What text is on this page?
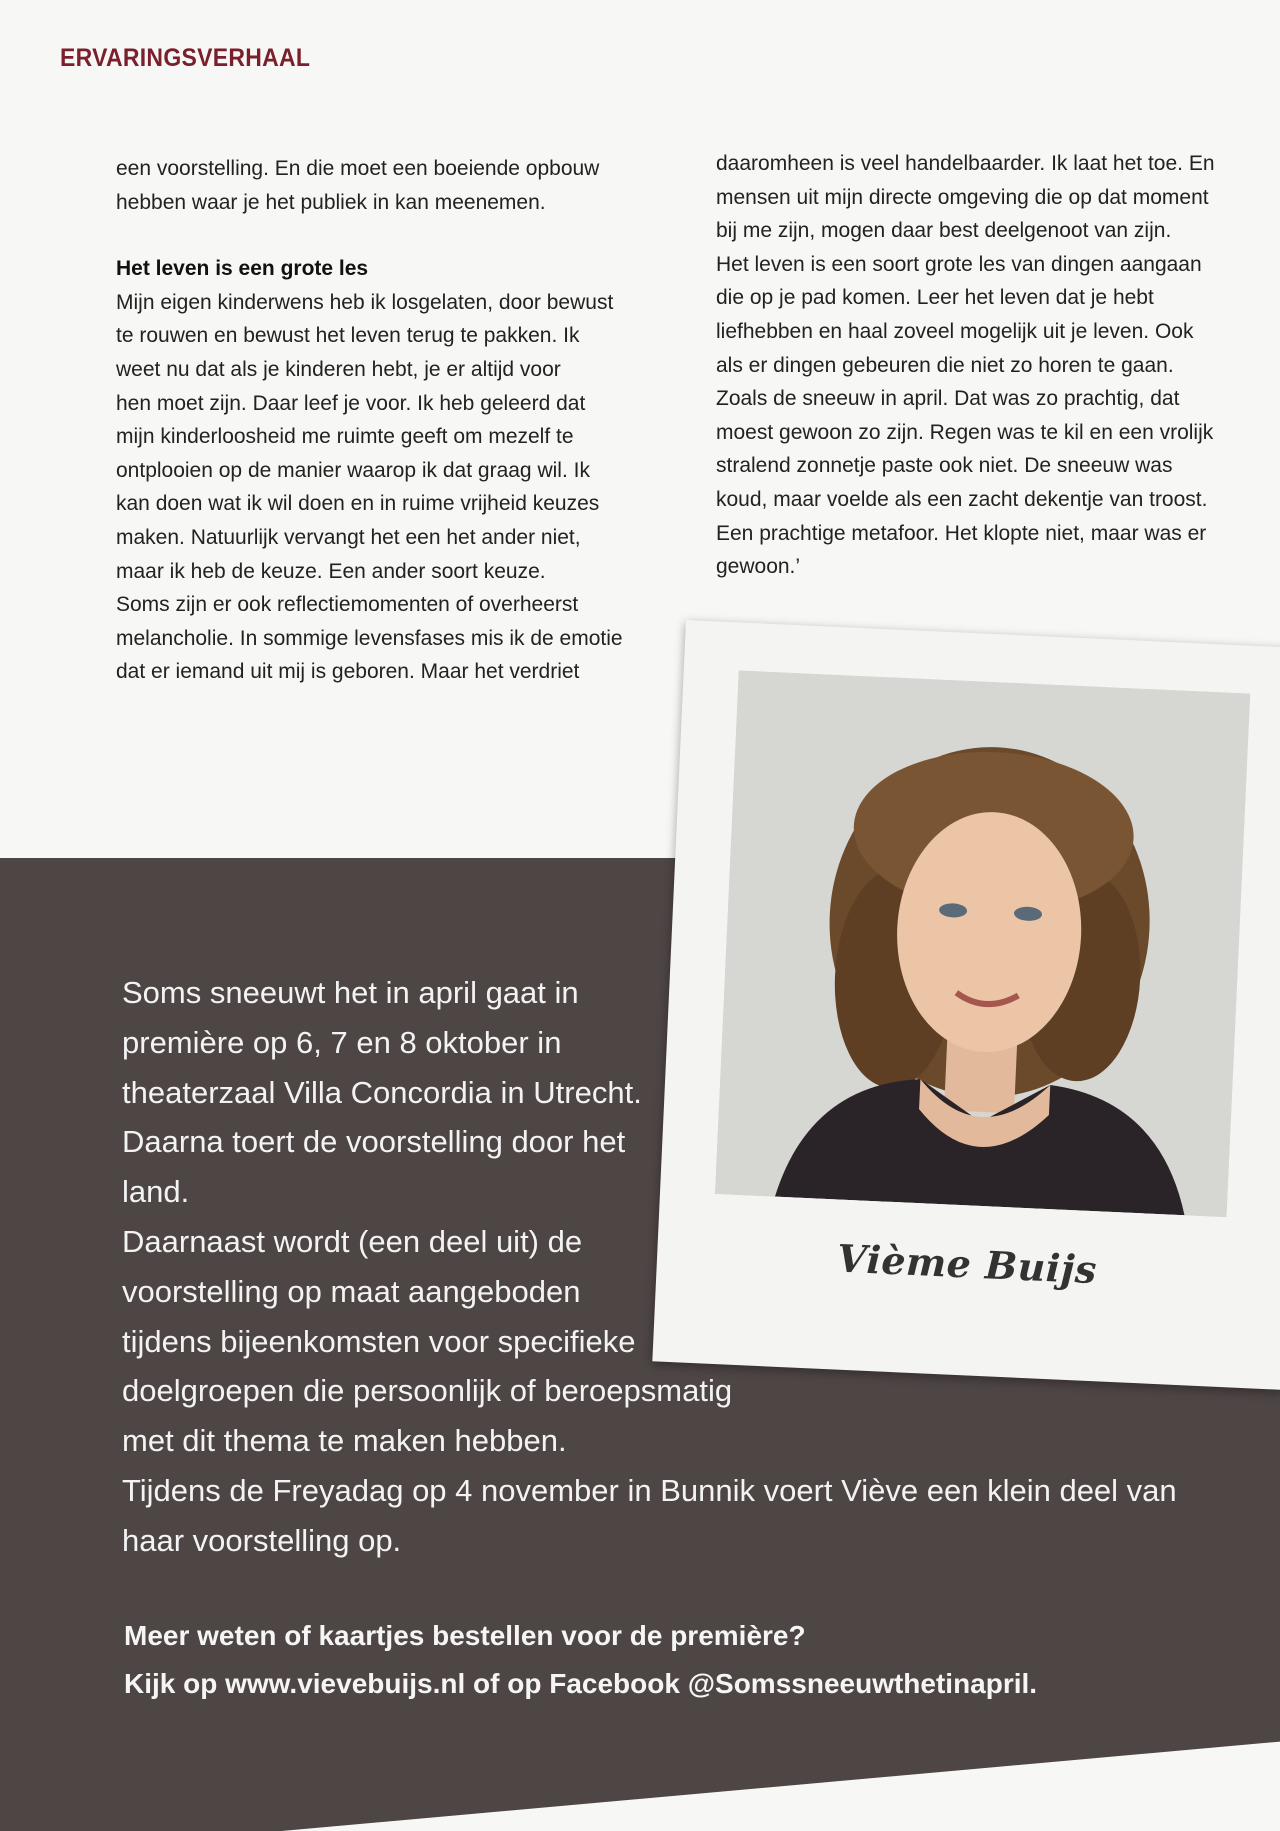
ERVARINGSVERHAAL

een voorstelling. En die moet een boeiende opbouw
hebben waar je het publiek in kan meenemen.

Het leven is een grote les

Mijn eigen kinderwens heb ik losgelaten, door bewust
te rouwen en bewust het leven terug te pakken. Ik
weet nu dat als je kinderen hebt, je er altijd voor
hen moet zijn. Daar leef je voor. Ik heb geleerd dat
mijn kinderloosheid me ruimte geeft om mezelf te
ontplooien op de manier waarop ik dat graag wil. Ik
kan doen wat ik wil doen en in ruime vrijheid keuzes
maken. Natuurlijk vervangt het een het ander niet,
maar ik heb de keuze. Een ander soort keuze.
Soms zijn er ook reflectiemomenten of overheerst
melancholie. In sommige levensfases mis ik de emotie
dat er iemand uit mij is geboren. Maar het verdriet

daaromheen is veel handelbaarder. Ik laat het toe. En
mensen uit mijn directe omgeving die op dat moment
bij me zijn, mogen daar best deelgenoot van zijn.
Het leven is een soort grote les van dingen aangaan
die op je pad komen. Leer het leven dat je hebt
liefhebben en haal zoveel mogelijk uit je leven. Ook
als er dingen gebeuren die niet zo horen te gaan.
Zoals de sneeuw in april. Dat was zo prachtig, dat
moest gewoon zo zijn. Regen was te kil en een vrolijk
stralend zonnetje paste ook niet. De sneeuw was
koud, maar voelde als een zacht dekentje van troost.
Een prachtige metafoor. Het klopte niet, maar was er
gewoon.’

Vième Buijs

Soms sneeuwt het in april gaat in
première op 6, 7 en 8 oktober in
theaterzaal Villa Concordia in Utrecht.
Daarna toert de voorstelling door het
land.
Daarnaast wordt (een deel uit) de
voorstelling op maat aangeboden
tijdens bijeenkomsten voor specifieke
doelgroepen die persoonlijk of beroepsmatig
met dit thema te maken hebben.
Tijdens de Freyadag op 4 november in Bunnik voert Viève een klein deel van
haar voorstelling op.

Meer weten of kaartjes bestellen voor de première?

Kijk op www.vievebuijs.nl of op Facebook @Somssneeuwthetinapril.
